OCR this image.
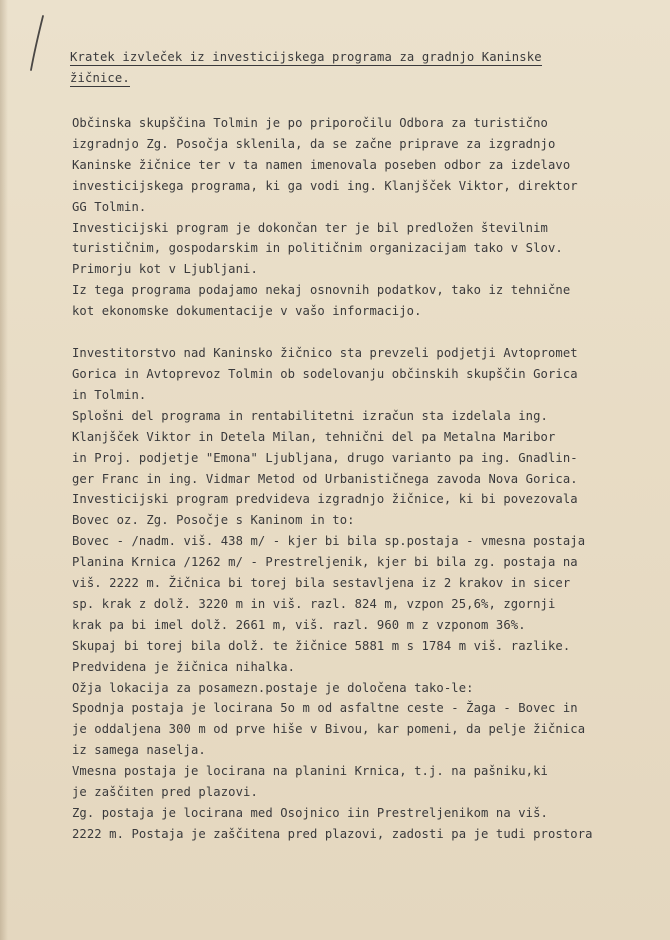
Kratek izvleček iz investicijskega programa za gradnjo Kaninske
žičnice.

Občinska skupščina Tolmin je po priporočilu Odbora za turistično
izgradnjo Zg. Posočja sklenila, da se začne priprave za izgradnjo
Kaninske žičnice ter v ta namen imenovala poseben odbor za izdelavo
investicijskega programa, ki ga vodi ing. Klanjšček Viktor, direktor
GG Tolmin.

Investicijski program je dokončan ter je bil predložen številnim
turističnim, gospodarskim in političnim organizacijam tako v Slov.
Primorju kot v Ljubljani.

Iz tega programa podajamo nekaj osnovnih podatkov, tako iz tehnične
kot ekonomske dokumentacije v vašo informacijo.

Investitorstvo nad Kaninsko žičnico sta prevzeli podjetji Avtopromet
Gorica in Avtoprevoz Tolmin ob sodelovanju občinskih skupščin Gorica
in Tolmin.

Splošni del programa in rentabilitetni izračun sta izdelala ing.
Klanjšček Viktor in Detela Milan, tehnični del pa Metalna Maribor
in Proj. podjetje "Emona" Ljubljana, drugo varianto pa ing. Gnadlin-
ger Franc in ing. Vidmar Metod od Urbanističnega zavoda Nova Gorica.

Investicijski program predvideva izgradnjo žičnice, ki bi povezovala
Bovec oz. Zg. Posočje s Kaninom in to:
Bovec - /nadm. viš. 438 m/ - kjer bi bila sp.postaja - vmesna postaja
Planina Krnica /1262 m/ - Prestreljenik, kjer bi bila zg. postaja na
viš. 2222 m. Žičnica bi torej bila sestavljena iz 2 krakov in sicer
sp. krak z dolž. 3220 m in viš. razl. 824 m, vzpon 25,6%, zgornji
krak pa bi imel dolž. 2661 m, viš. razl. 960 m z vzponom 36%.
Skupaj bi torej bila dolž. te žičnice 5881 m s 1784 m viš. razlike.
Predvidena je žičnica nihalka.

Ožja lokacija za posamezn.postaje je določena tako-le:
Spodnja postaja je locirana 5o m od asfaltne ceste - Žaga - Bovec in
je oddaljena 300 m od prve hiše v Bivou, kar pomeni, da pelje žičnica
iz samega naselja.

Vmesna postaja je locirana na planini Krnica, t.j. na pašniku,ki
je zaščiten pred plazovi.

Zg. postaja je locirana med Osojnico iin Prestreljenikom na viš.
2222 m. Postaja je zaščitena pred plazovi, zadosti pa je tudi prostora
